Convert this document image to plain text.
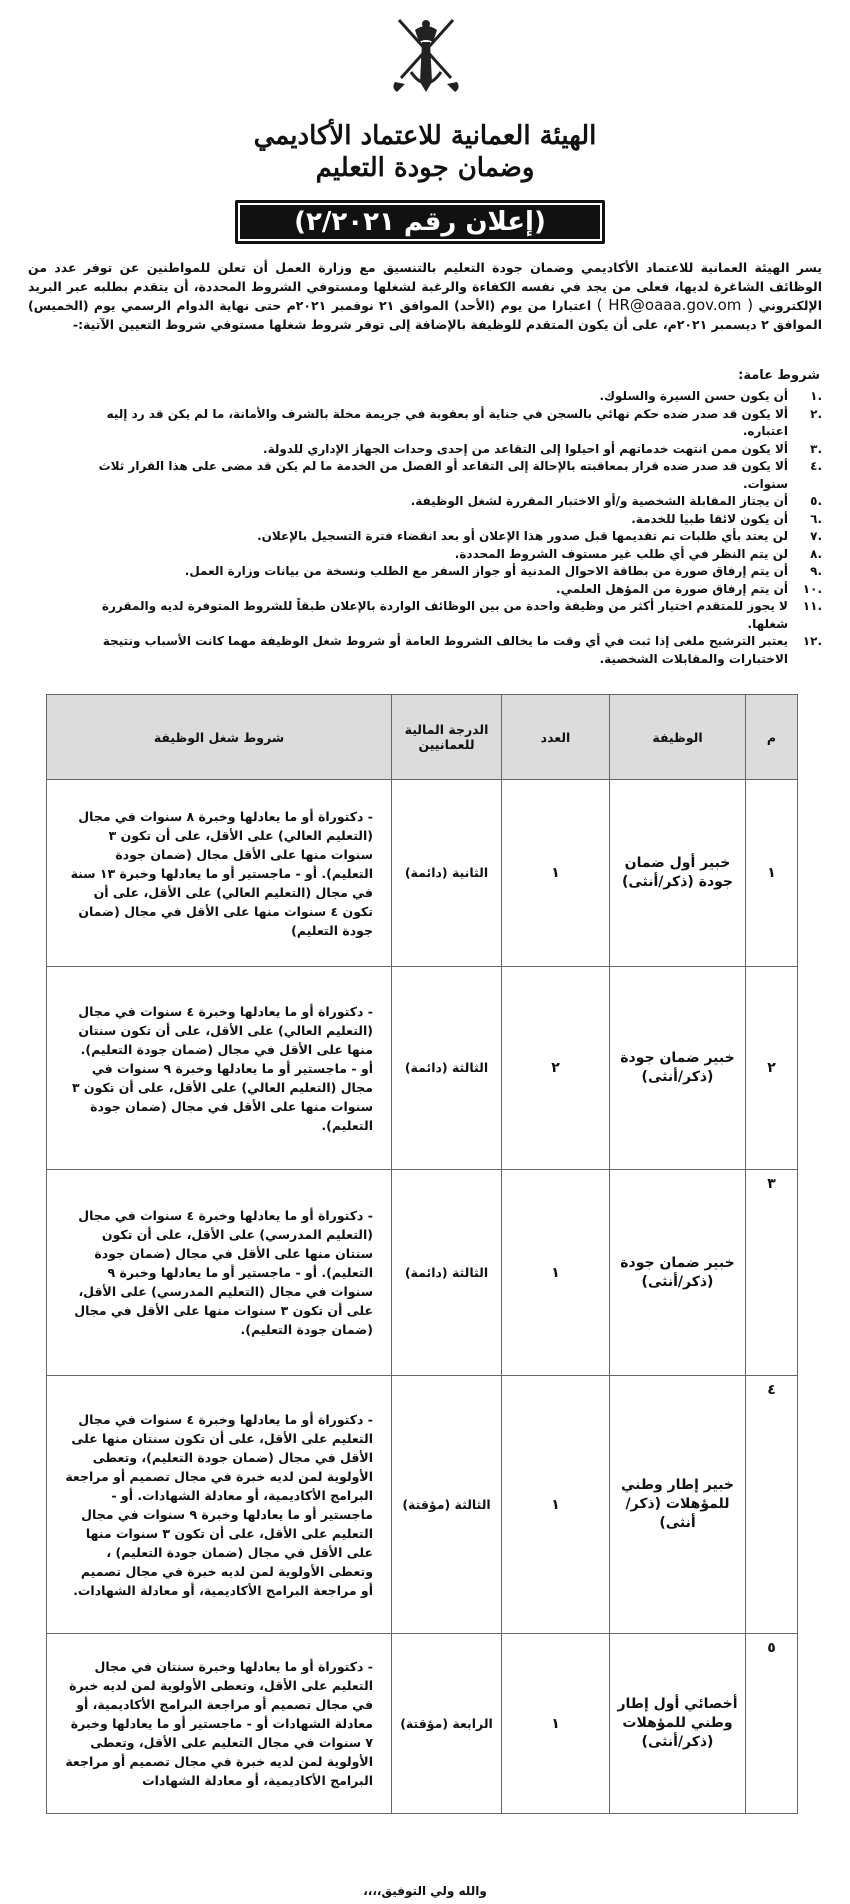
الهيئة العمانية للاعتماد الأكاديمي
وضمان جودة التعليم
(إعلان رقم ٢/٢٠٢١)
يسر الهيئة العمانية للاعتماد الأكاديمي وضمان جودة التعليم بالتنسيق مع وزارة العمل أن تعلن للمواطنين عن توفر عدد من الوظائف الشاغرة لديها، فعلى من يجد في نفسه الكفاءة والرغبة لشغلها ومستوفي الشروط المحددة، أن يتقدم بطلبه عبر البريد الإلكتروني ( HR@oaaa.gov.om ) اعتبارا من يوم (الأحد) الموافق ٢١ نوفمبر ٢٠٢١م حتى نهاية الدوام الرسمي يوم (الخميس) الموافق ٢ ديسمبر ٢٠٢١م، على أن يكون المتقدم للوظيفة بالإضافة إلى توفر شروط شغلها مستوفي شروط التعيين الآتية:-
شروط عامة:
.١
أن يكون حسن السيرة والسلوك.
.٢
ألا يكون قد صدر ضده حكم نهائي بالسجن في جناية أو بعقوبة في جريمة مخلة بالشرف والأمانة، ما لم يكن قد رد إليه اعتباره.
.٣
ألا يكون ممن انتهت خدماتهم أو احيلوا إلى التقاعد من إحدى وحدات الجهاز الإداري للدولة.
.٤
ألا يكون قد صدر ضده قرار بمعاقبته بالإحالة إلى التقاعد أو الفصل من الخدمة ما لم يكن قد مضى على هذا القرار ثلاث سنوات.
.٥
أن يجتاز المقابلة الشخصية و/أو الاختبار المقررة لشغل الوظيفة.
.٦
أن يكون لائقا طبيا للخدمة.
.٧
لن يعتد بأي طلبات تم تقديمها قبل صدور هذا الإعلان أو بعد انقضاء فترة التسجيل بالإعلان.
.٨
لن يتم النظر في أي طلب غير مستوف الشروط المحددة.
.٩
أن يتم إرفاق صورة من بطاقة الاحوال المدنية أو جواز السفر مع الطلب ونسخة من بيانات وزارة العمل.
.١٠
أن يتم إرفاق صورة من المؤهل العلمي.
.١١
لا يجوز للمتقدم اختيار أكثر من وظيفة واحدة من بين الوظائف الواردة بالإعلان طبقاً للشروط المتوفرة لديه والمقررة شغلها.
.١٢
يعتبر الترشيح ملغى إذا ثبت في أي وقت ما يخالف الشروط العامة أو شروط شغل الوظيفة مهما كانت الأسباب ونتيجة الاختبارات والمقابلات الشخصية.
م	الوظيفة	العدد	الدرجة المالية للعمانيين	شروط شغل الوظيفة
١	خبير أول ضمان جودة (ذكر/أنثى)	١	الثانية (دائمة)	- دكتوراة أو ما يعادلها وخبرة ٨ سنوات في مجال (التعليم العالي) على الأقل، على أن تكون ٣ سنوات منها على الأقل مجال (ضمان جودة التعليم). أو - ماجستير أو ما يعادلها وخبرة ١٣ سنة في مجال (التعليم العالي) على الأقل، على أن تكون ٤ سنوات منها على الأقل في مجال (ضمان جودة التعليم)
٢	خبير ضمان جودة (ذكر/أنثى)	٢	الثالثة (دائمة)	- دكتوراة أو ما يعادلها وخبرة ٤ سنوات في مجال (التعليم العالي) على الأقل، على أن تكون سنتان منها على الأقل في مجال (ضمان جودة التعليم). أو - ماجستير أو ما يعادلها وخبرة ٩ سنوات في مجال (التعليم العالي) على الأقل، على أن تكون ٣ سنوات منها على الأقل في مجال (ضمان جودة التعليم).
٣	خبير ضمان جودة (ذكر/أنثى)	١	الثالثة (دائمة)	- دكتوراة أو ما يعادلها وخبرة ٤ سنوات في مجال (التعليم المدرسي) على الأقل، على أن تكون سنتان منها على الأقل في مجال (ضمان جودة التعليم). أو - ماجستير أو ما يعادلها وخبرة ٩ سنوات في مجال (التعليم المدرسي) على الأقل، على أن تكون ٣ سنوات منها على الأقل في مجال (ضمان جودة التعليم).
٤	خبير إطار وطني للمؤهلات (ذكر/أنثى)	١	الثالثة (مؤقتة)	- دكتوراة أو ما يعادلها وخبرة ٤ سنوات في مجال التعليم على الأقل، على أن تكون سنتان منها على الأقل في مجال (ضمان جودة التعليم)، وتعطى الأولوية لمن لديه خبرة في مجال تصميم أو مراجعة البرامج الأكاديمية، أو معادلة الشهادات. أو - ماجستير أو ما يعادلها وخبرة ٩ سنوات في مجال التعليم على الأقل، على أن تكون ٣ سنوات منها على الأقل في مجال (ضمان جودة التعليم) ، وتعطى الأولوية لمن لديه خبرة في مجال تصميم أو مراجعة البرامج الأكاديمية، أو معادلة الشهادات.
٥	أخصائي أول إطار وطني للمؤهلات (ذكر/أنثى)	١	الرابعة (مؤقتة)	- دكتوراة أو ما يعادلها وخبرة سنتان في مجال التعليم على الأقل، وتعطى الأولوية لمن لديه خبرة في مجال تصميم أو مراجعة البرامج الأكاديمية، أو معادلة الشهادات أو - ماجستير أو ما يعادلها وخبرة ٧ سنوات في مجال التعليم على الأقل، وتعطى الأولوية لمن لديه خبرة في مجال تصميم أو مراجعة البرامج الأكاديمية، أو معادلة الشهادات
والله ولي التوفيق،،،،
